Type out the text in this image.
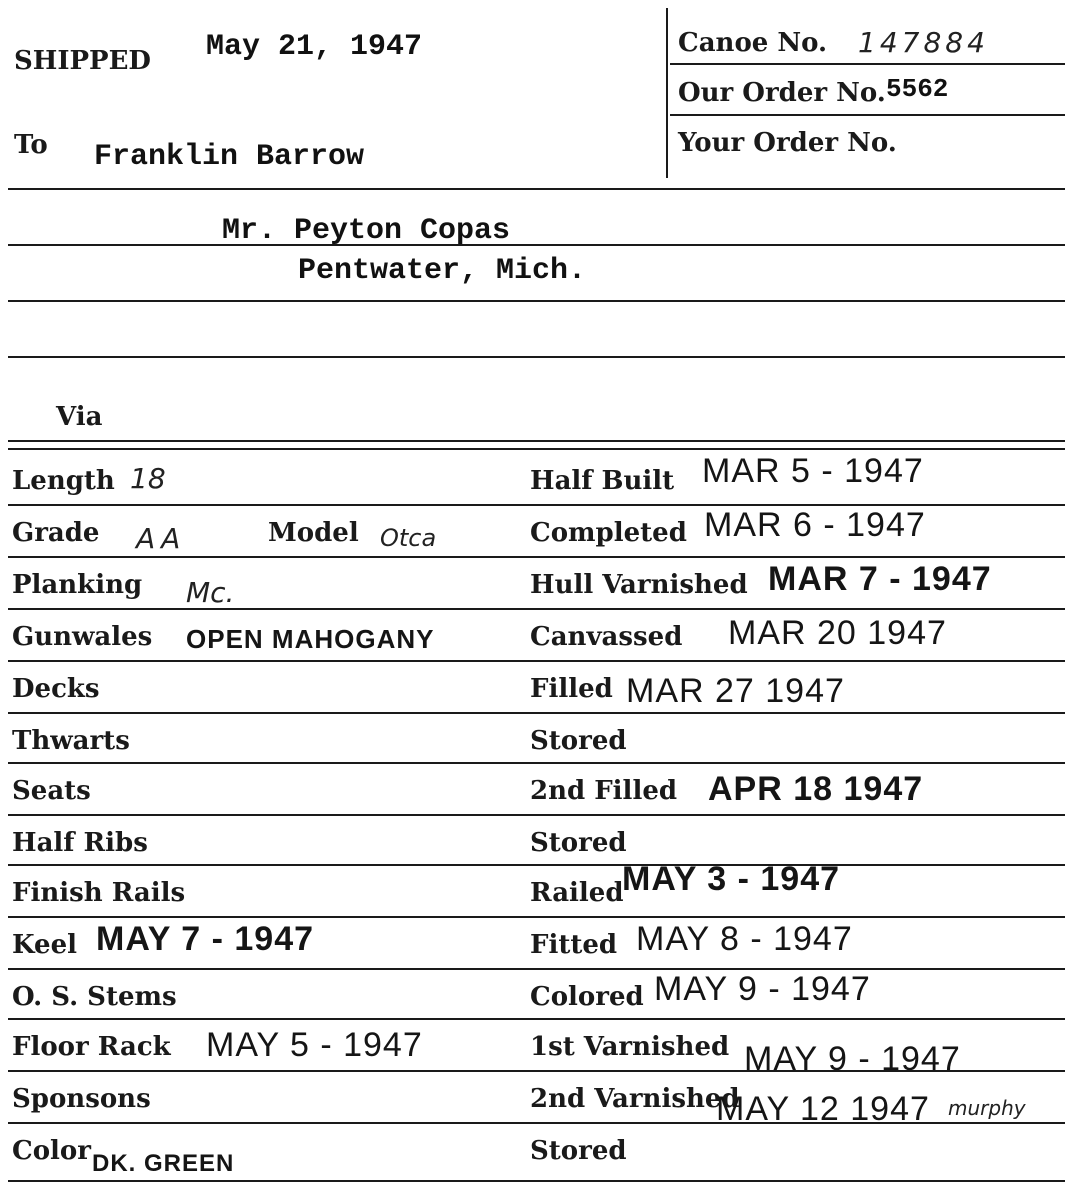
SHIPPED May 21, 1947
To Franklin Barrow
Canoe No. 147884
Our Order No. 5562
Your Order No.
Mr. Peyton Copas
Pentwater, Mich.
Via
Length 18
Grade AA	Model Otca
Planking Mc.
Gunwales OPEN MAHOGANY
Decks
Thwarts
Seats
Half Ribs
Finish Rails
Keel MAY 7 - 1947
O. S. Stems
Floor Rack MAY 5 - 1947
Sponsons
Color DK. GREEN
Half Built MAR 5 - 1947
Completed MAR 6 - 1947
Hull Varnished MAR 7 - 1947
Canvassed MAR 20 1947
Filled MAR 27 1947
Stored
2nd Filled APR 18 1947
Stored
Railed
MAY 3 - 1947
Fitted MAY 8 - 1947
Colored MAY 9 - 1947
1st Varnished MAY 9 - 1947
2nd Varnished
MAY 12 1947 murphy
Stored
